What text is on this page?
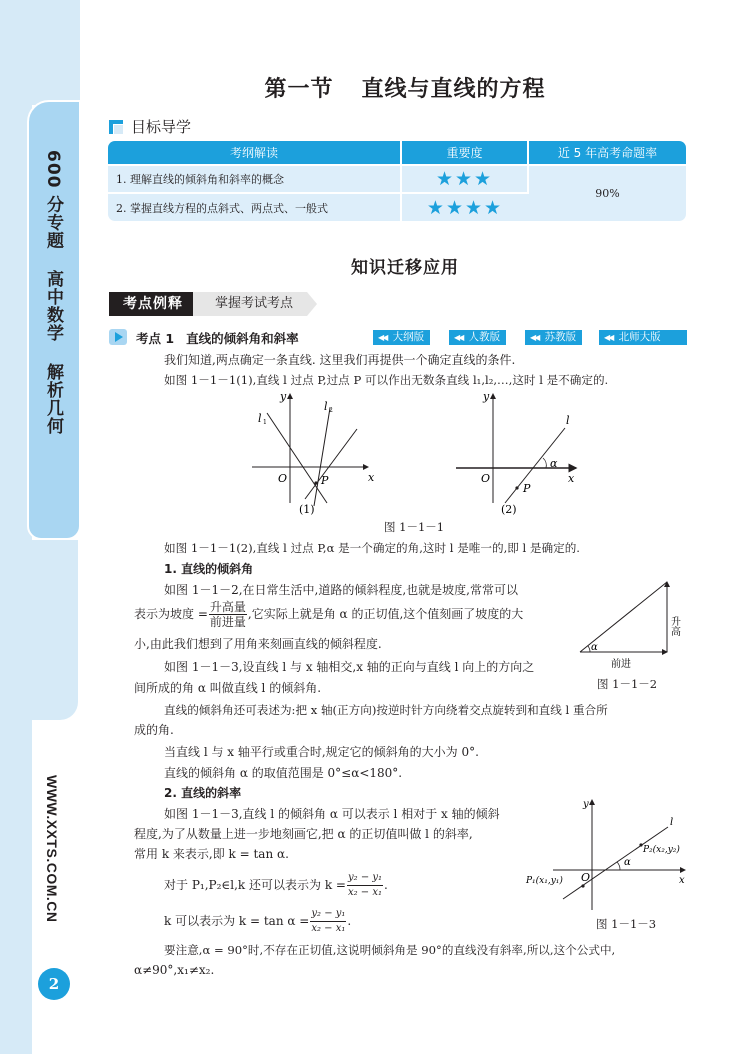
600 分专题 高中数学 解析几何
WWW.XXTS.COM.CN
2
第一节 直线与直线的方程
目标导学
考纲解读	重要度	近 5 年高考命题率
1. 理解直线的倾斜角和斜率的概念	★★★	90%
2. 掌握直线方程的点斜式、两点式、一般式	★★★★	
知识迁移应用
考点例释	掌握考试考点
考点 1 直线的倾斜角和斜率	◀◀ 大纲版	◀◀ 人教版	◀◀ 苏教版	◀◀ 北师大版
我们知道,两点确定一条直线. 这里我们再提供一个确定直线的条件.
如图 1－1－1(1),直线 l 过点 P,过点 P 可以作出无数条直线 l₁,l₂,…,这时 l 是不确定的.
y
x
O	P
l 1
l 2
(1)
y
x
O
P
l
α
(2)
图 1－1－1
如图 1－1－1(2),直线 l 过点 P,α 是一个确定的角,这时 l 是唯一的,即 l 是确定的.
1. 直线的倾斜角
如图 1－1－2,在日常生活中,道路的倾斜程度,也就是坡度,常常可以
表示为坡度 = $\frac{\text{升高量}}{\text{前进量}}$ ,它实际上就是角 α 的正切值,这个值刻画了坡度的大
小,由此我们想到了用角来刻画直线的倾斜程度.
如图 1－1－3,设直线 l 与 x 轴相交,x 轴的正向与直线 l 向上的方向之
间所成的角 α 叫做直线 l 的倾斜角.
α
前进
升高
图 1－1－2
直线的倾斜角还可表述为:把 x 轴(正方向)按逆时针方向绕着交点旋转到和直线 l 重合所
成的角.
当直线 l 与 x 轴平行或重合时,规定它的倾斜角的大小为 0°.
直线的倾斜角 α 的取值范围是 0°≤α<180°.
2. 直线的斜率
如图 1－1－3,直线 l 的倾斜角 α 可以表示 l 相对于 x 轴的倾斜
程度,为了从数量上进一步地刻画它,把 α 的正切值叫做 l 的斜率,
常用 k 来表示,即 k = tan α.
对于 P₁,P₂∈l,k 还可以表示为 $k = \frac{\text{y₂ − y₁}}{\text{x₂ − x₁}}$ .
k 可以表示为 $k = \tan \alpha = \frac{\text{y₂ − y₁}}{\text{x₂ − x₁}}$ .
y
x
O
P₁(x₁,y₁)
P₂(x₂,y₂)
l
α
图 1－1－3
要注意,α = 90°时,不存在正切值,这说明倾斜角是 90°的直线没有斜率,所以,这个公式中,
α≠90°,x₁≠x₂.
